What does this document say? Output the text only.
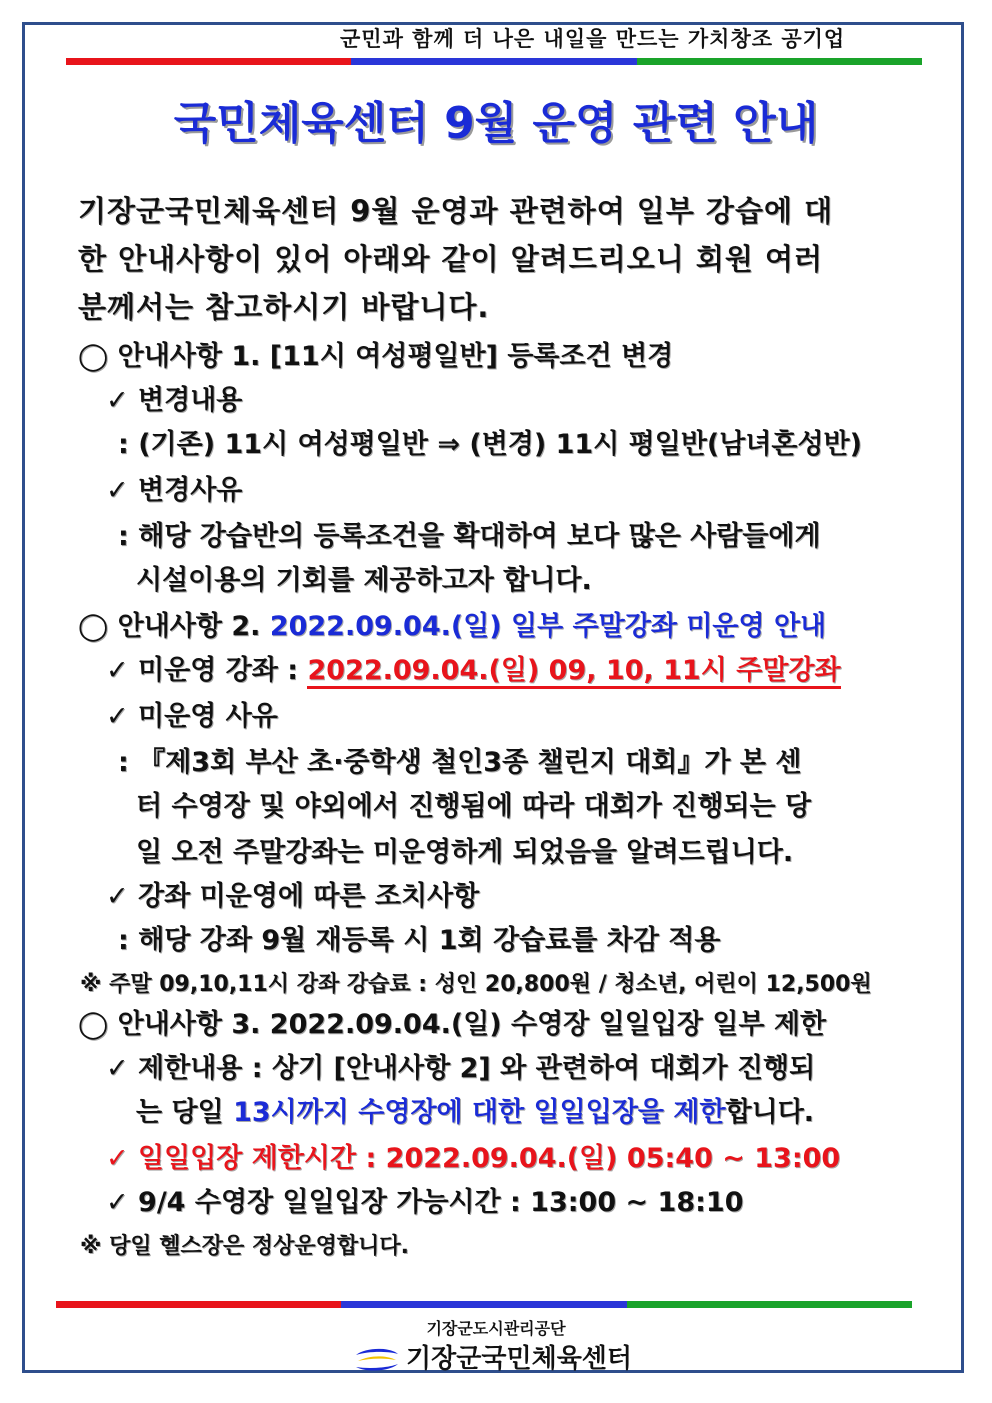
군민과 함께 더 나은 내일을 만드는 가치창조 공기업
국민체육센터 9월 운영 관련 안내
기장군국민체육센터 9월 운영과 관련하여 일부 강습에 대
한 안내사항이 있어 아래와 같이 알려드리오니 회원 여러
분께서는 참고하시기 바랍니다.
◯ 안내사항 1. [11시 여성평일반] 등록조건 변경
✓ 변경내용
: (기존) 11시 여성평일반 ⇒ (변경) 11시 평일반(남녀혼성반)
✓ 변경사유
: 해당 강습반의 등록조건을 확대하여 보다 많은 사람들에게
시설이용의 기회를 제공하고자 합니다.
◯ 안내사항 2. 2022.09.04.(일) 일부 주말강좌 미운영 안내
✓ 미운영 강좌 : 2022.09.04.(일) 09, 10, 11시 주말강좌
✓ 미운영 사유
: 『제3회 부산 초·중학생 철인3종 챌린지 대회』가 본 센
터 수영장 및 야외에서 진행됨에 따라 대회가 진행되는 당
일 오전 주말강좌는 미운영하게 되었음을 알려드립니다.
✓ 강좌 미운영에 따른 조치사항
: 해당 강좌 9월 재등록 시 1회 강습료를 차감 적용
※ 주말 09,10,11시 강좌 강습료 : 성인 20,800원 / 청소년, 어린이 12,500원
◯ 안내사항 3. 2022.09.04.(일) 수영장 일일입장 일부 제한
✓ 제한내용 : 상기 [안내사항 2] 와 관련하여 대회가 진행되
는 당일 13시까지 수영장에 대한 일일입장을 제한합니다.
✓ 일일입장 제한시간 : 2022.09.04.(일) 05:40 ~ 13:00
✓ 9/4 수영장 일일입장 가능시간 : 13:00 ~ 18:10
※ 당일 헬스장은 정상운영합니다.
기장군도시관리공단
기장군국민체육센터
